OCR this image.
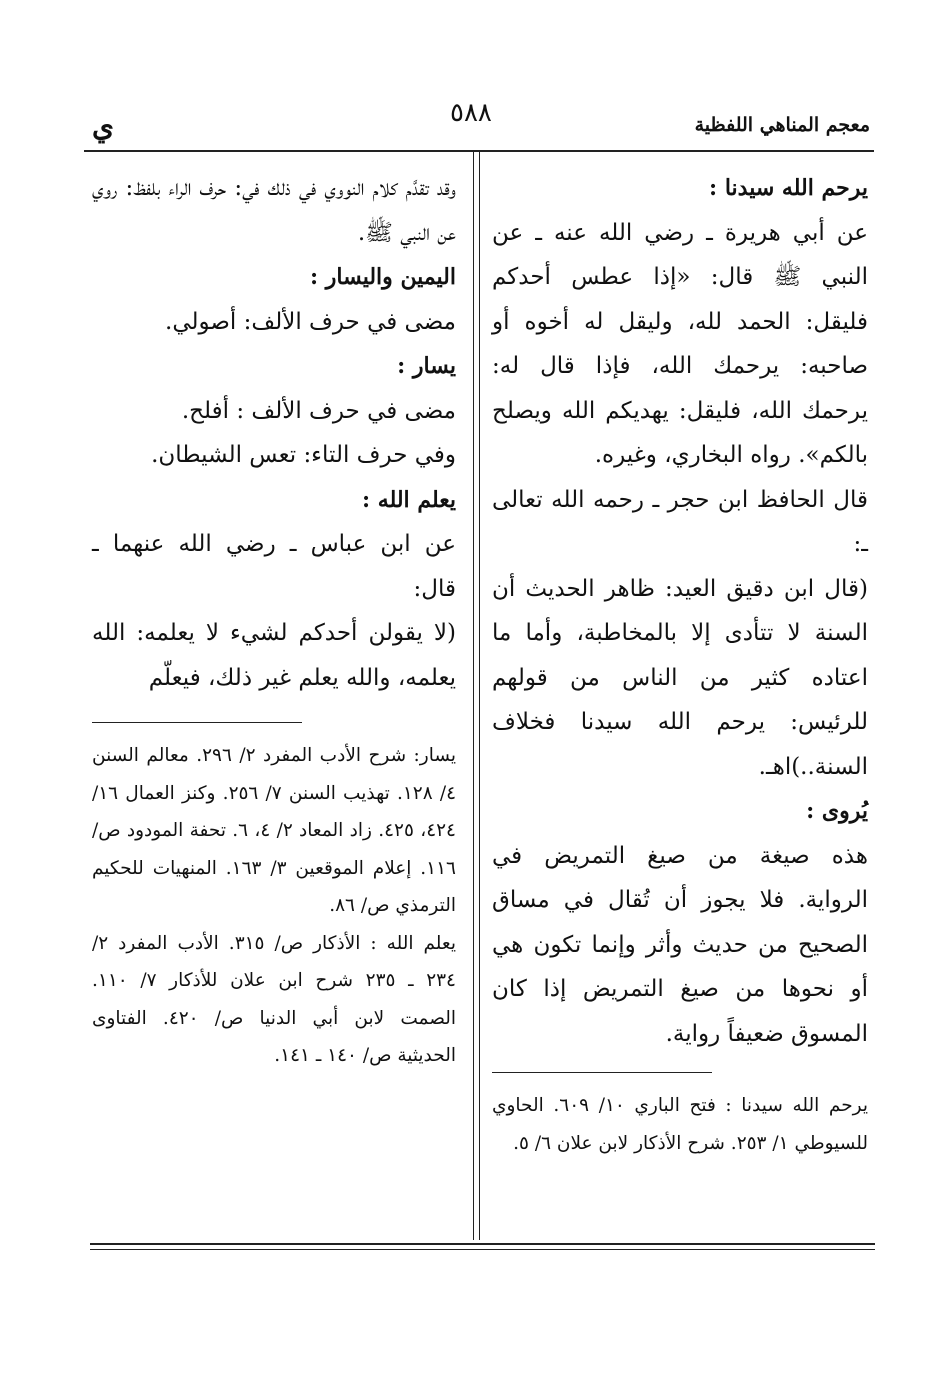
معجم المناهي اللفظية
٥٨٨
ي

يرحم الله سيدنا :

عن أبي هريرة ـ رضي الله عنه ـ عن النبي ﷺ قال: «إذا عطس أحدكم فليقل: الحمد لله، وليقل له أخوه أو صاحبه: يرحمك الله، فإذا قال له: يرحمك الله، فليقل: يهديكم الله ويصلح بالكم». رواه البخاري، وغيره.

قال الحافظ ابن حجر ـ رحمه الله تعالى ـ:

(قال ابن دقيق العيد: ظاهر الحديث أن السنة لا تتأدى إلا بالمخاطبة، وأما ما اعتاده كثير من الناس من قولهم للرئيس: يرحم الله سيدنا فخلاف السنة..)اهـ.

يُروى :

هذه صيغة من صيغ التمريض في الرواية. فلا يجوز أن تُقال في مساق الصحيح من حديث وأثر وإنما تكون هي أو نحوها من صيغ التمريض إذا كان المسوق ضعيفاً رواية.

يرحم الله سيدنا : فتح الباري ١٠/ ٦٠٩. الحاوي للسيوطي ١/ ٢٥٣. شرح الأذكار لابن علان ٦/ ٥.

وقد تقدَّم كلام النووي في ذلك في: حرف الراء بلفظ: روي عن النبي ﷺ.

اليمين واليسار :

مضى في حرف الألف: أصولي.

يسار :

مضى في حرف الألف : أفلح.

وفي حرف التاء: تعس الشيطان.

يعلم الله :

عن ابن عباس ـ رضي الله عنهما ـ قال:

(لا يقولن أحدكم لشيء لا يعلمه: الله يعلمه، والله يعلم غير ذلك، فيعلّم

يسار: شرح الأدب المفرد ٢/ ٢٩٦. معالم السنن ٤/ ١٢٨. تهذيب السنن ٧/ ٢٥٦. وكنز العمال ١٦/ ٤٢٤، ٤٢٥. زاد المعاد ٢/ ٤، ٦. تحفة المودود ص/ ١١٦. إعلام الموقعين ٣/ ١٦٣. المنهيات للحكيم الترمذي ص/ ٨٦.

يعلم الله : الأذكار ص/ ٣١٥. الأدب المفرد ٢/ ٢٣٤ ـ ٢٣٥ شرح ابن علان للأذكار ٧/ ١١٠. الصمت لابن أبي الدنيا ص/ ٤٢٠. الفتاوى الحديثية ص/ ١٤٠ ـ ١٤١.
